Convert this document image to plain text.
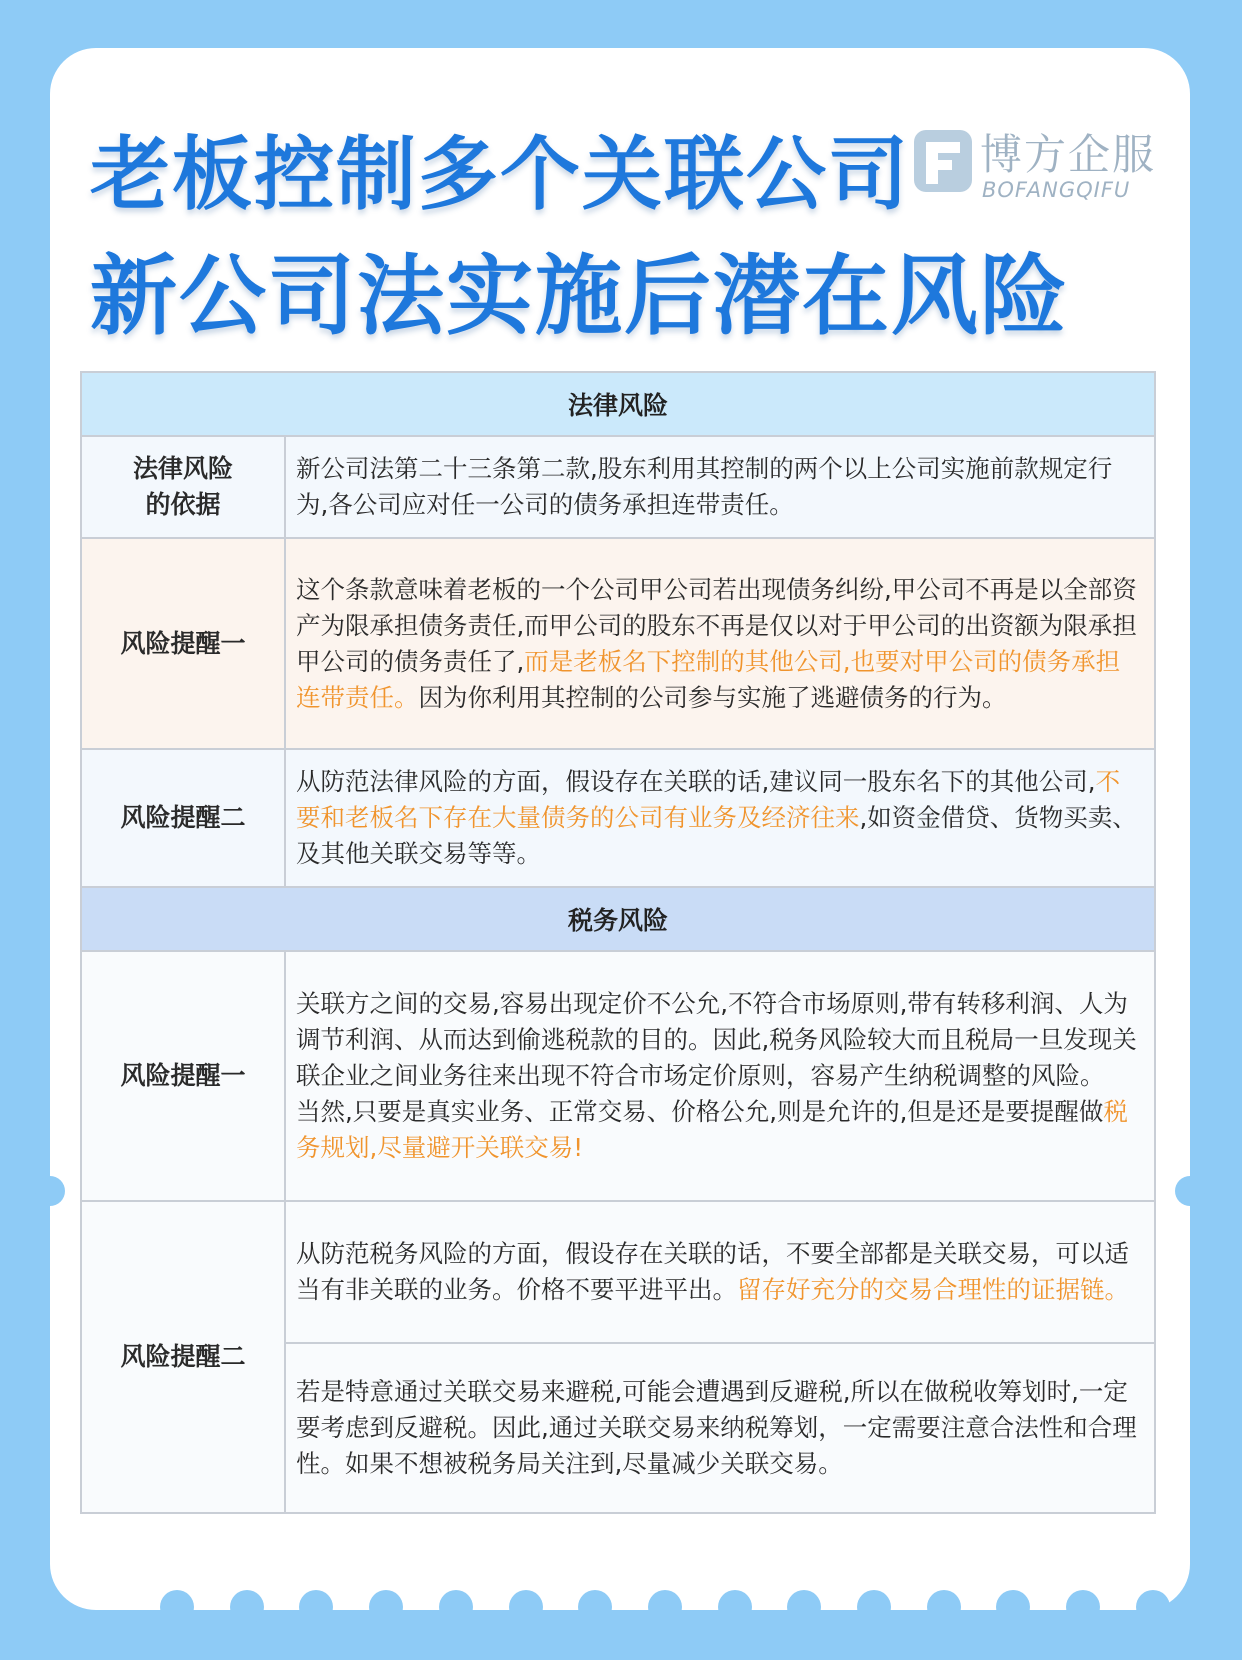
老板控制多个关联公司
新公司法实施后潜在风险
博方企服
BOFANGQIFU
法律风险	
法律风险
的依据	新公司法第二十三条第二款,股东利用其控制的两个以上公司实施前款规定行为,各公司应对任一公司的债务承担连带责任。
风险提醒一	这个条款意味着老板的一个公司甲公司若出现债务纠纷,甲公司不再是以全部资产为限承担债务责任,而甲公司的股东不再是仅以对于甲公司的出资额为限承担甲公司的债务责任了,而是老板名下控制的其他公司,也要对甲公司的债务承担连带责任。因为你利用其控制的公司参与实施了逃避债务的行为。
风险提醒二	从防范法律风险的方面，假设存在关联的话,建议同一股东名下的其他公司,不要和老板名下存在大量债务的公司有业务及经济往来,如资金借贷、货物买卖、及其他关联交易等等。
税务风险	
风险提醒一	关联方之间的交易,容易出现定价不公允,不符合市场原则,带有转移利润、人为调节利润、从而达到偷逃税款的目的。因此,税务风险较大而且税局一旦发现关联企业之间业务往来出现不符合市场定价原则，容易产生纳税调整的风险。
当然,只要是真实业务、正常交易、价格公允,则是允许的,但是还是要提醒做税务规划,尽量避开关联交易!
风险提醒二	从防范税务风险的方面，假设存在关联的话，不要全部都是关联交易，可以适当有非关联的业务。价格不要平进平出。留存好充分的交易合理性的证据链。
	若是特意通过关联交易来避税,可能会遭遇到反避税,所以在做税收筹划时,一定要考虑到反避税。因此,通过关联交易来纳税筹划，一定需要注意合法性和合理性。如果不想被税务局关注到,尽量减少关联交易。
